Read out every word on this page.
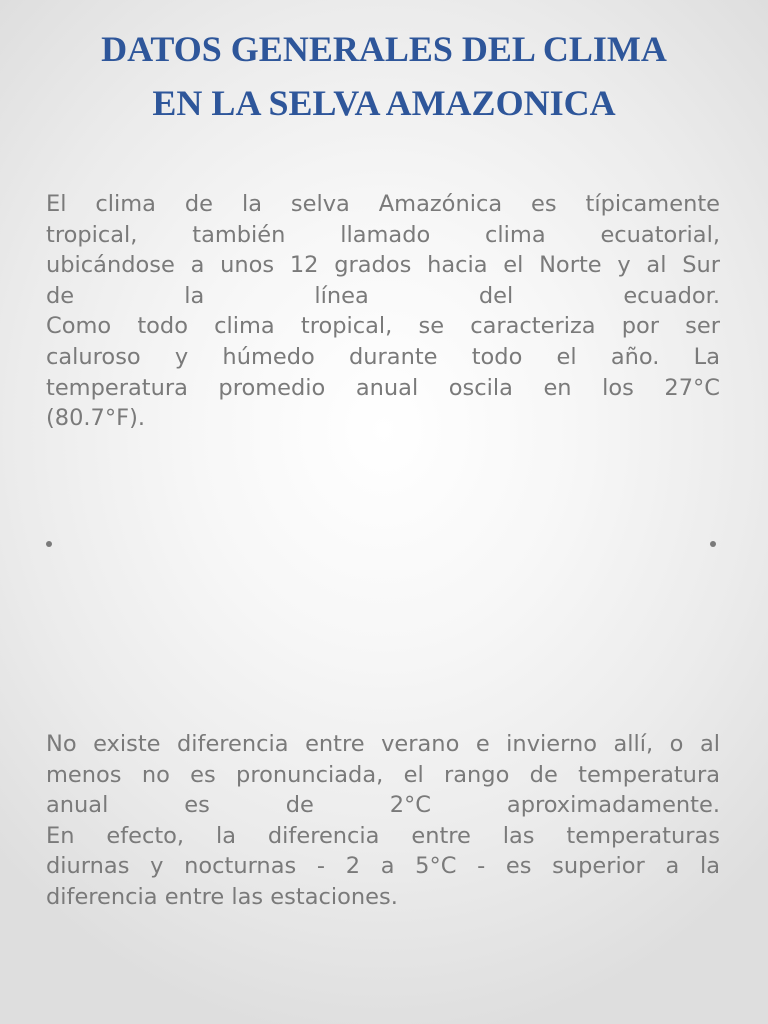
DATOS GENERALES DEL CLIMA
EN LA SELVA AMAZONICA
El clima de la selva Amazónica es típicamente
tropical, también llamado clima ecuatorial,
ubicándose a unos 12 grados hacia el Norte y al Sur
de la línea del ecuador.
Como todo clima tropical, se caracteriza por ser
caluroso y húmedo durante todo el año. La
temperatura promedio anual oscila en los 27°C
(80.7°F).
No existe diferencia entre verano e invierno allí, o al
menos no es pronunciada, el rango de temperatura
anual es de 2°C aproximadamente.
En efecto, la diferencia entre las temperaturas
diurnas y nocturnas - 2 a 5°C - es superior a la
diferencia entre las estaciones.
